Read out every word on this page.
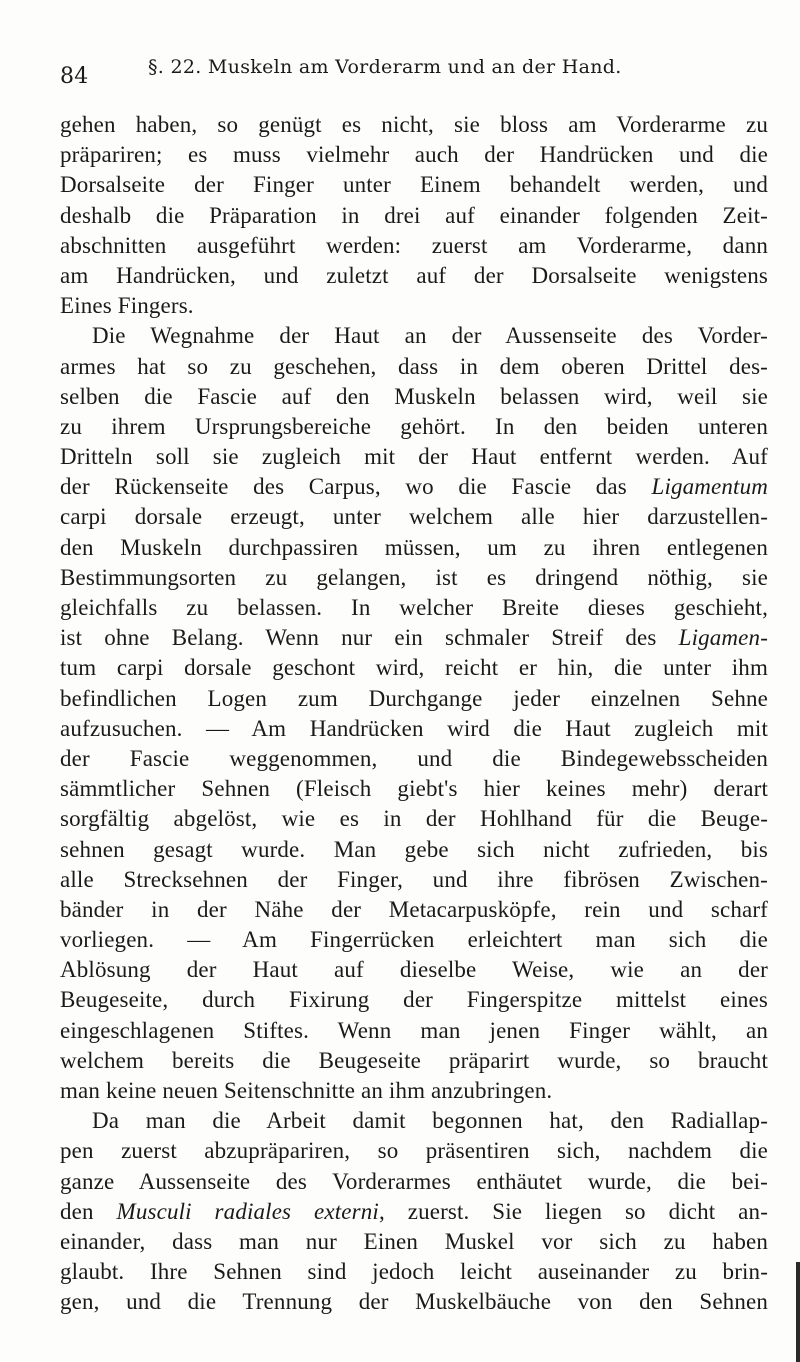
84	§. 22. Muskeln am Vorderarm und an der Hand.
gehen haben, so genügt es nicht, sie bloss am Vorderarme zu
präpariren; es muss vielmehr auch der Handrücken und die
Dorsalseite der Finger unter Einem behandelt werden, und
deshalb die Präparation in drei auf einander folgenden Zeit-
abschnitten ausgeführt werden: zuerst am Vorderarme, dann
am Handrücken, und zuletzt auf der Dorsalseite wenigstens
Eines Fingers.
Die Wegnahme der Haut an der Aussenseite des Vorder-
armes hat so zu geschehen, dass in dem oberen Drittel des-
selben die Fascie auf den Muskeln belassen wird, weil sie
zu ihrem Ursprungsbereiche gehört. In den beiden unteren
Dritteln soll sie zugleich mit der Haut entfernt werden. Auf
der Rückenseite des Carpus, wo die Fascie das Ligamentum
carpi dorsale erzeugt, unter welchem alle hier darzustellen-
den Muskeln durchpassiren müssen, um zu ihren entlegenen
Bestimmungsorten zu gelangen, ist es dringend nöthig, sie
gleichfalls zu belassen. In welcher Breite dieses geschieht,
ist ohne Belang. Wenn nur ein schmaler Streif des Ligamen-
tum carpi dorsale geschont wird, reicht er hin, die unter ihm
befindlichen Logen zum Durchgange jeder einzelnen Sehne
aufzusuchen. — Am Handrücken wird die Haut zugleich mit
der Fascie weggenommen, und die Bindegewebsscheiden
sämmtlicher Sehnen (Fleisch giebt's hier keines mehr) derart
sorgfältig abgelöst, wie es in der Hohlhand für die Beuge-
sehnen gesagt wurde. Man gebe sich nicht zufrieden, bis
alle Strecksehnen der Finger, und ihre fibrösen Zwischen-
bänder in der Nähe der Metacarpusköpfe, rein und scharf
vorliegen. — Am Fingerrücken erleichtert man sich die
Ablösung der Haut auf dieselbe Weise, wie an der
Beugeseite, durch Fixirung der Fingerspitze mittelst eines
eingeschlagenen Stiftes. Wenn man jenen Finger wählt, an
welchem bereits die Beugeseite präparirt wurde, so braucht
man keine neuen Seitenschnitte an ihm anzubringen.
Da man die Arbeit damit begonnen hat, den Radiallap-
pen zuerst abzupräpariren, so präsentiren sich, nachdem die
ganze Aussenseite des Vorderarmes enthäutet wurde, die bei-
den Musculi radiales externi, zuerst. Sie liegen so dicht an-
einander, dass man nur Einen Muskel vor sich zu haben
glaubt. Ihre Sehnen sind jedoch leicht auseinander zu brin-
gen, und die Trennung der Muskelbäuche von den Sehnen
